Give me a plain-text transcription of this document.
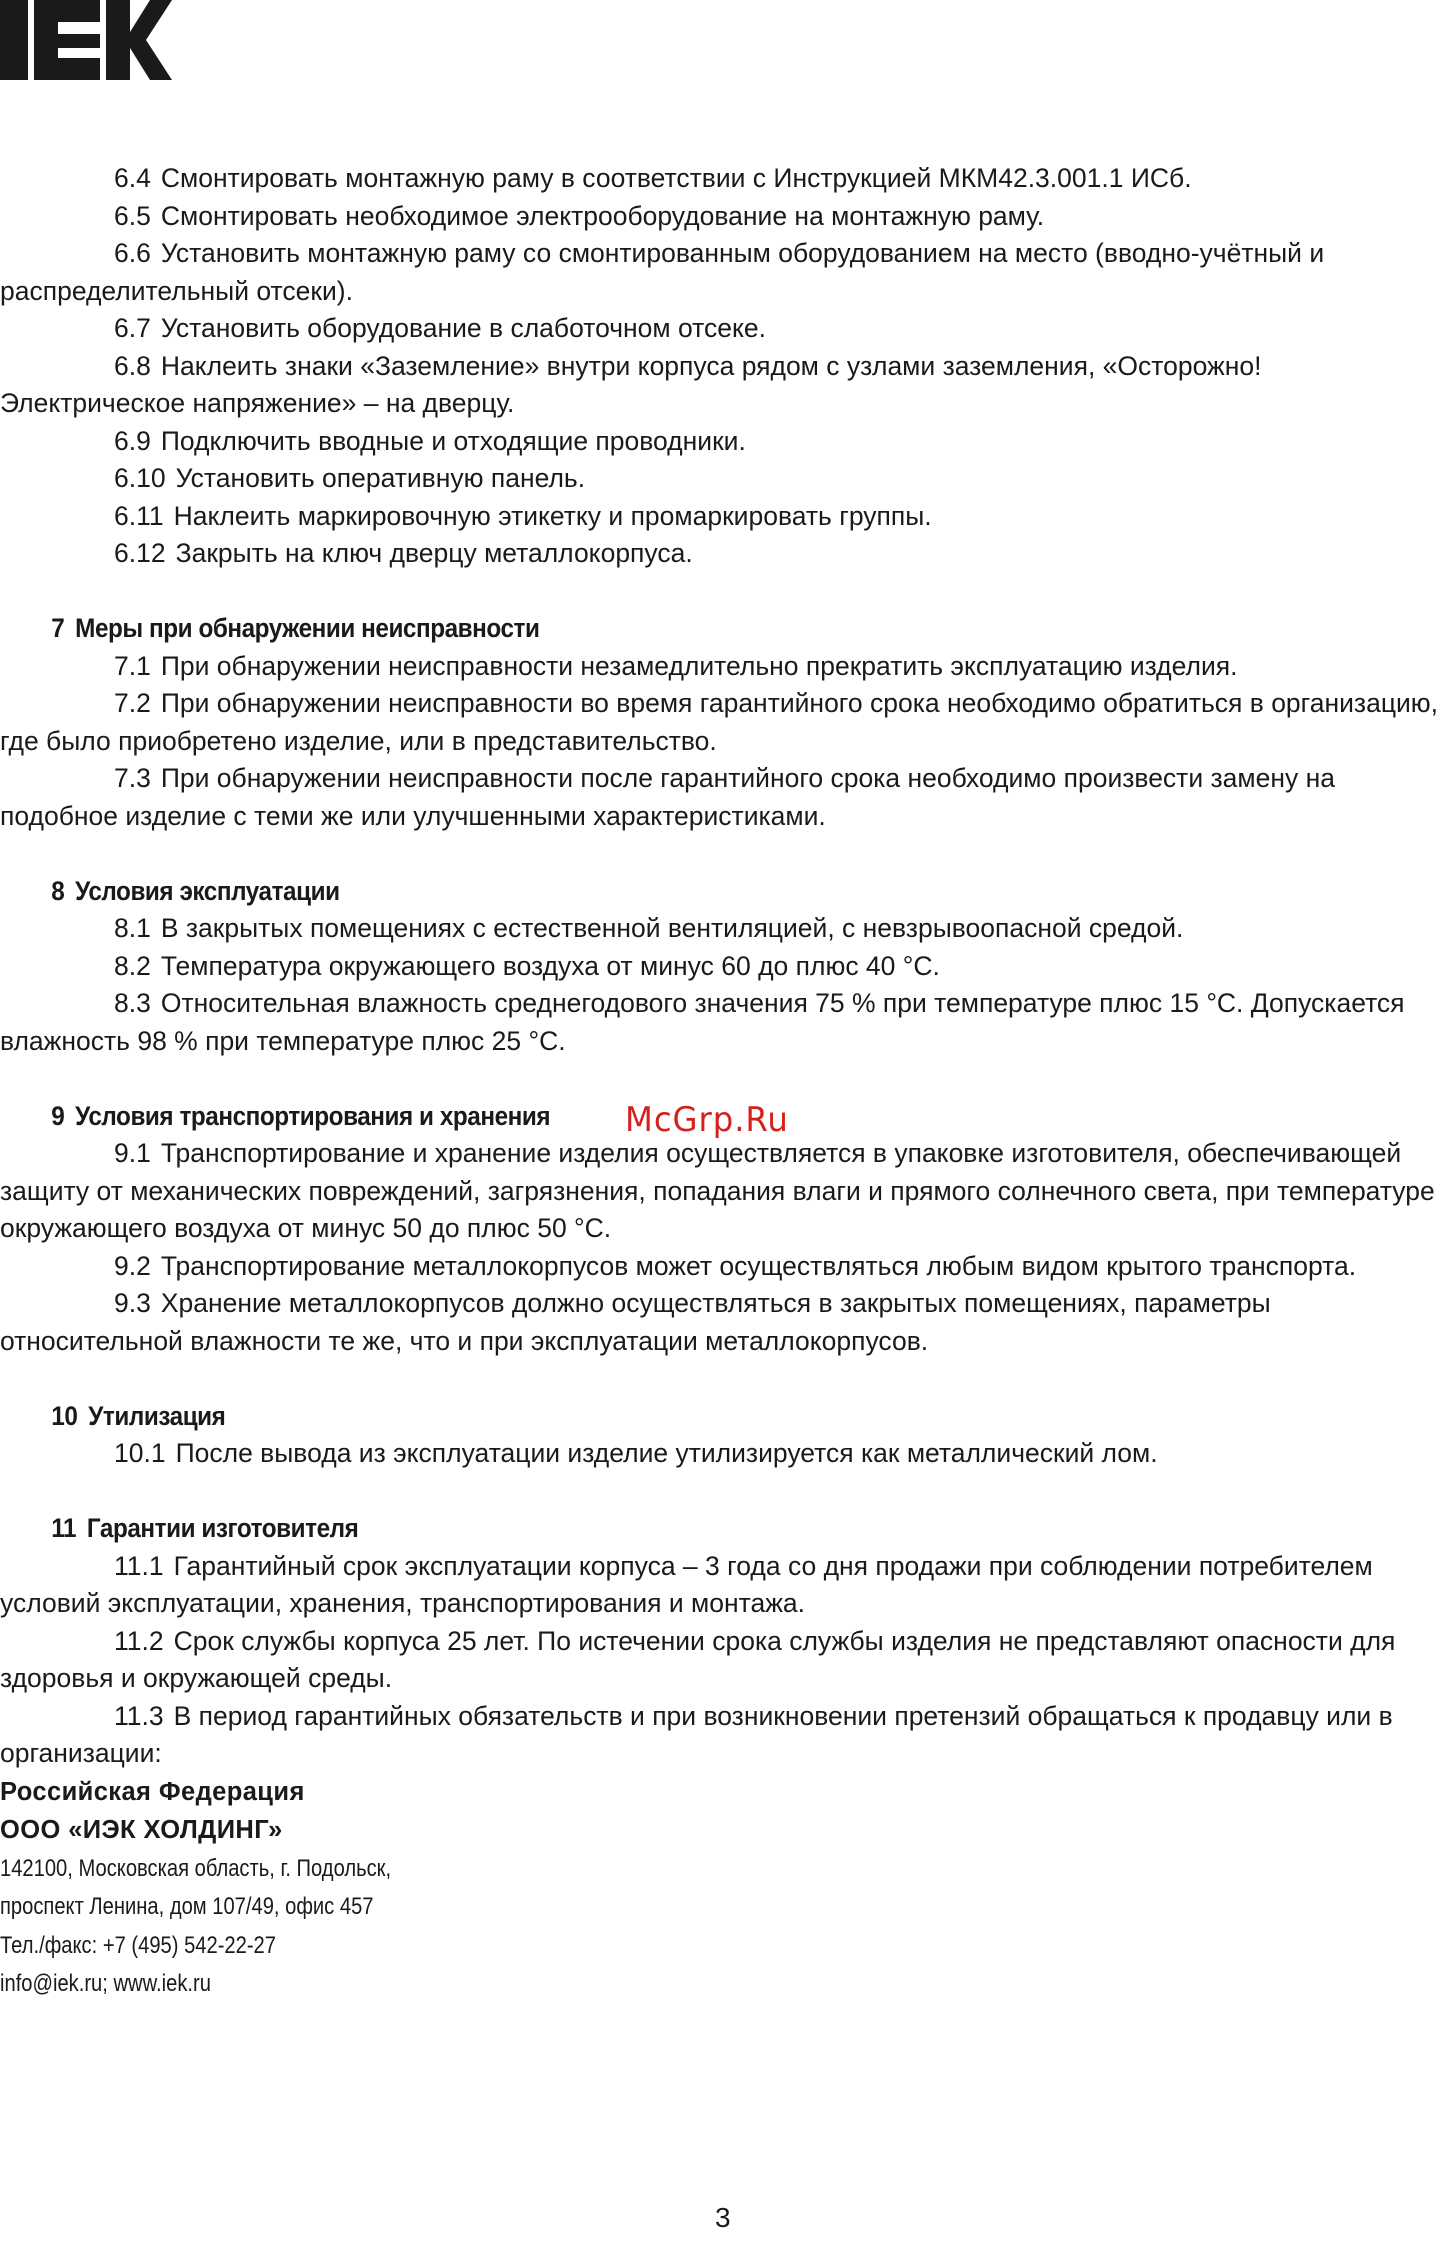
6.4 Смонтировать монтажную раму в соответствии с Инструкцией МКМ42.3.001.1 ИСб.

6.5 Смонтировать необходимое электрооборудование на монтажную раму.

6.6 Установить монтажную раму со смонтированным оборудованием на место (вводно-учётный и распределительный отсеки).

6.7 Установить оборудование в слаботочном отсеке.

6.8 Наклеить знаки «Заземление» внутри корпуса рядом с узлами заземления, «Осторожно! Электрическое напряжение» – на дверцу.

6.9 Подключить вводные и отходящие проводники.

6.10 Установить оперативную панель.

6.11 Наклеить маркировочную этикетку и промаркировать группы.

6.12 Закрыть на ключ дверцу металлокорпуса.

7 Меры при обнаружении неисправности

7.1 При обнаружении неисправности незамедлительно прекратить эксплуатацию изделия.

7.2 При обнаружении неисправности во время гарантийного срока необходимо обратиться в организацию, где было приобретено изделие, или в представительство.

7.3 При обнаружении неисправности после гарантийного срока необходимо произвести замену на подобное изделие с теми же или улучшенными характеристиками.

8 Условия эксплуатации

8.1 В закрытых помещениях с естественной вентиляцией, с невзрывоопасной средой.

8.2 Температура окружающего воздуха от минус 60 до плюс 40 °С.

8.3 Относительная влажность среднегодового значения 75 % при температуре плюс 15 °С. Допускается влажность 98 % при температуре плюс 25 °С.

9 Условия транспортирования и хранения

9.1 Транспортирование и хранение изделия осуществляется в упаковке изготовителя, обеспечивающей защиту от механических повреждений, загрязнения, попадания влаги и прямого солнечного света, при температуре окружающего воздуха от минус 50 до плюс 50 °С.

9.2 Транспортирование металлокорпусов может осуществляться любым видом крытого транспорта.

9.3 Хранение металлокорпусов должно осуществляться в закрытых помещениях, параметры относительной влажности те же, что и при эксплуатации металлокорпусов.

10 Утилизация

10.1 После вывода из эксплуатации изделие утилизируется как металлический лом.

11 Гарантии изготовителя

11.1 Гарантийный срок эксплуатации корпуса – 3 года со дня продажи при соблюдении потребителем условий эксплуатации, хранения, транспортирования и монтажа.

11.2 Срок службы корпуса 25 лет. По истечении срока службы изделия не представляют опасности для здоровья и окружающей среды.

11.3 В период гарантийных обязательств и при возникновении претензий обращаться к продавцу или в организации:

Российская Федерация
ООО «ИЭК ХОЛДИНГ»
142100, Московская область, г. Подольск,
проспект Ленина, дом 107/49, офис 457
Тел./факс: +7 (495) 542-22-27
info@iek.ru; www.iek.ru
McGrp.Ru
3
